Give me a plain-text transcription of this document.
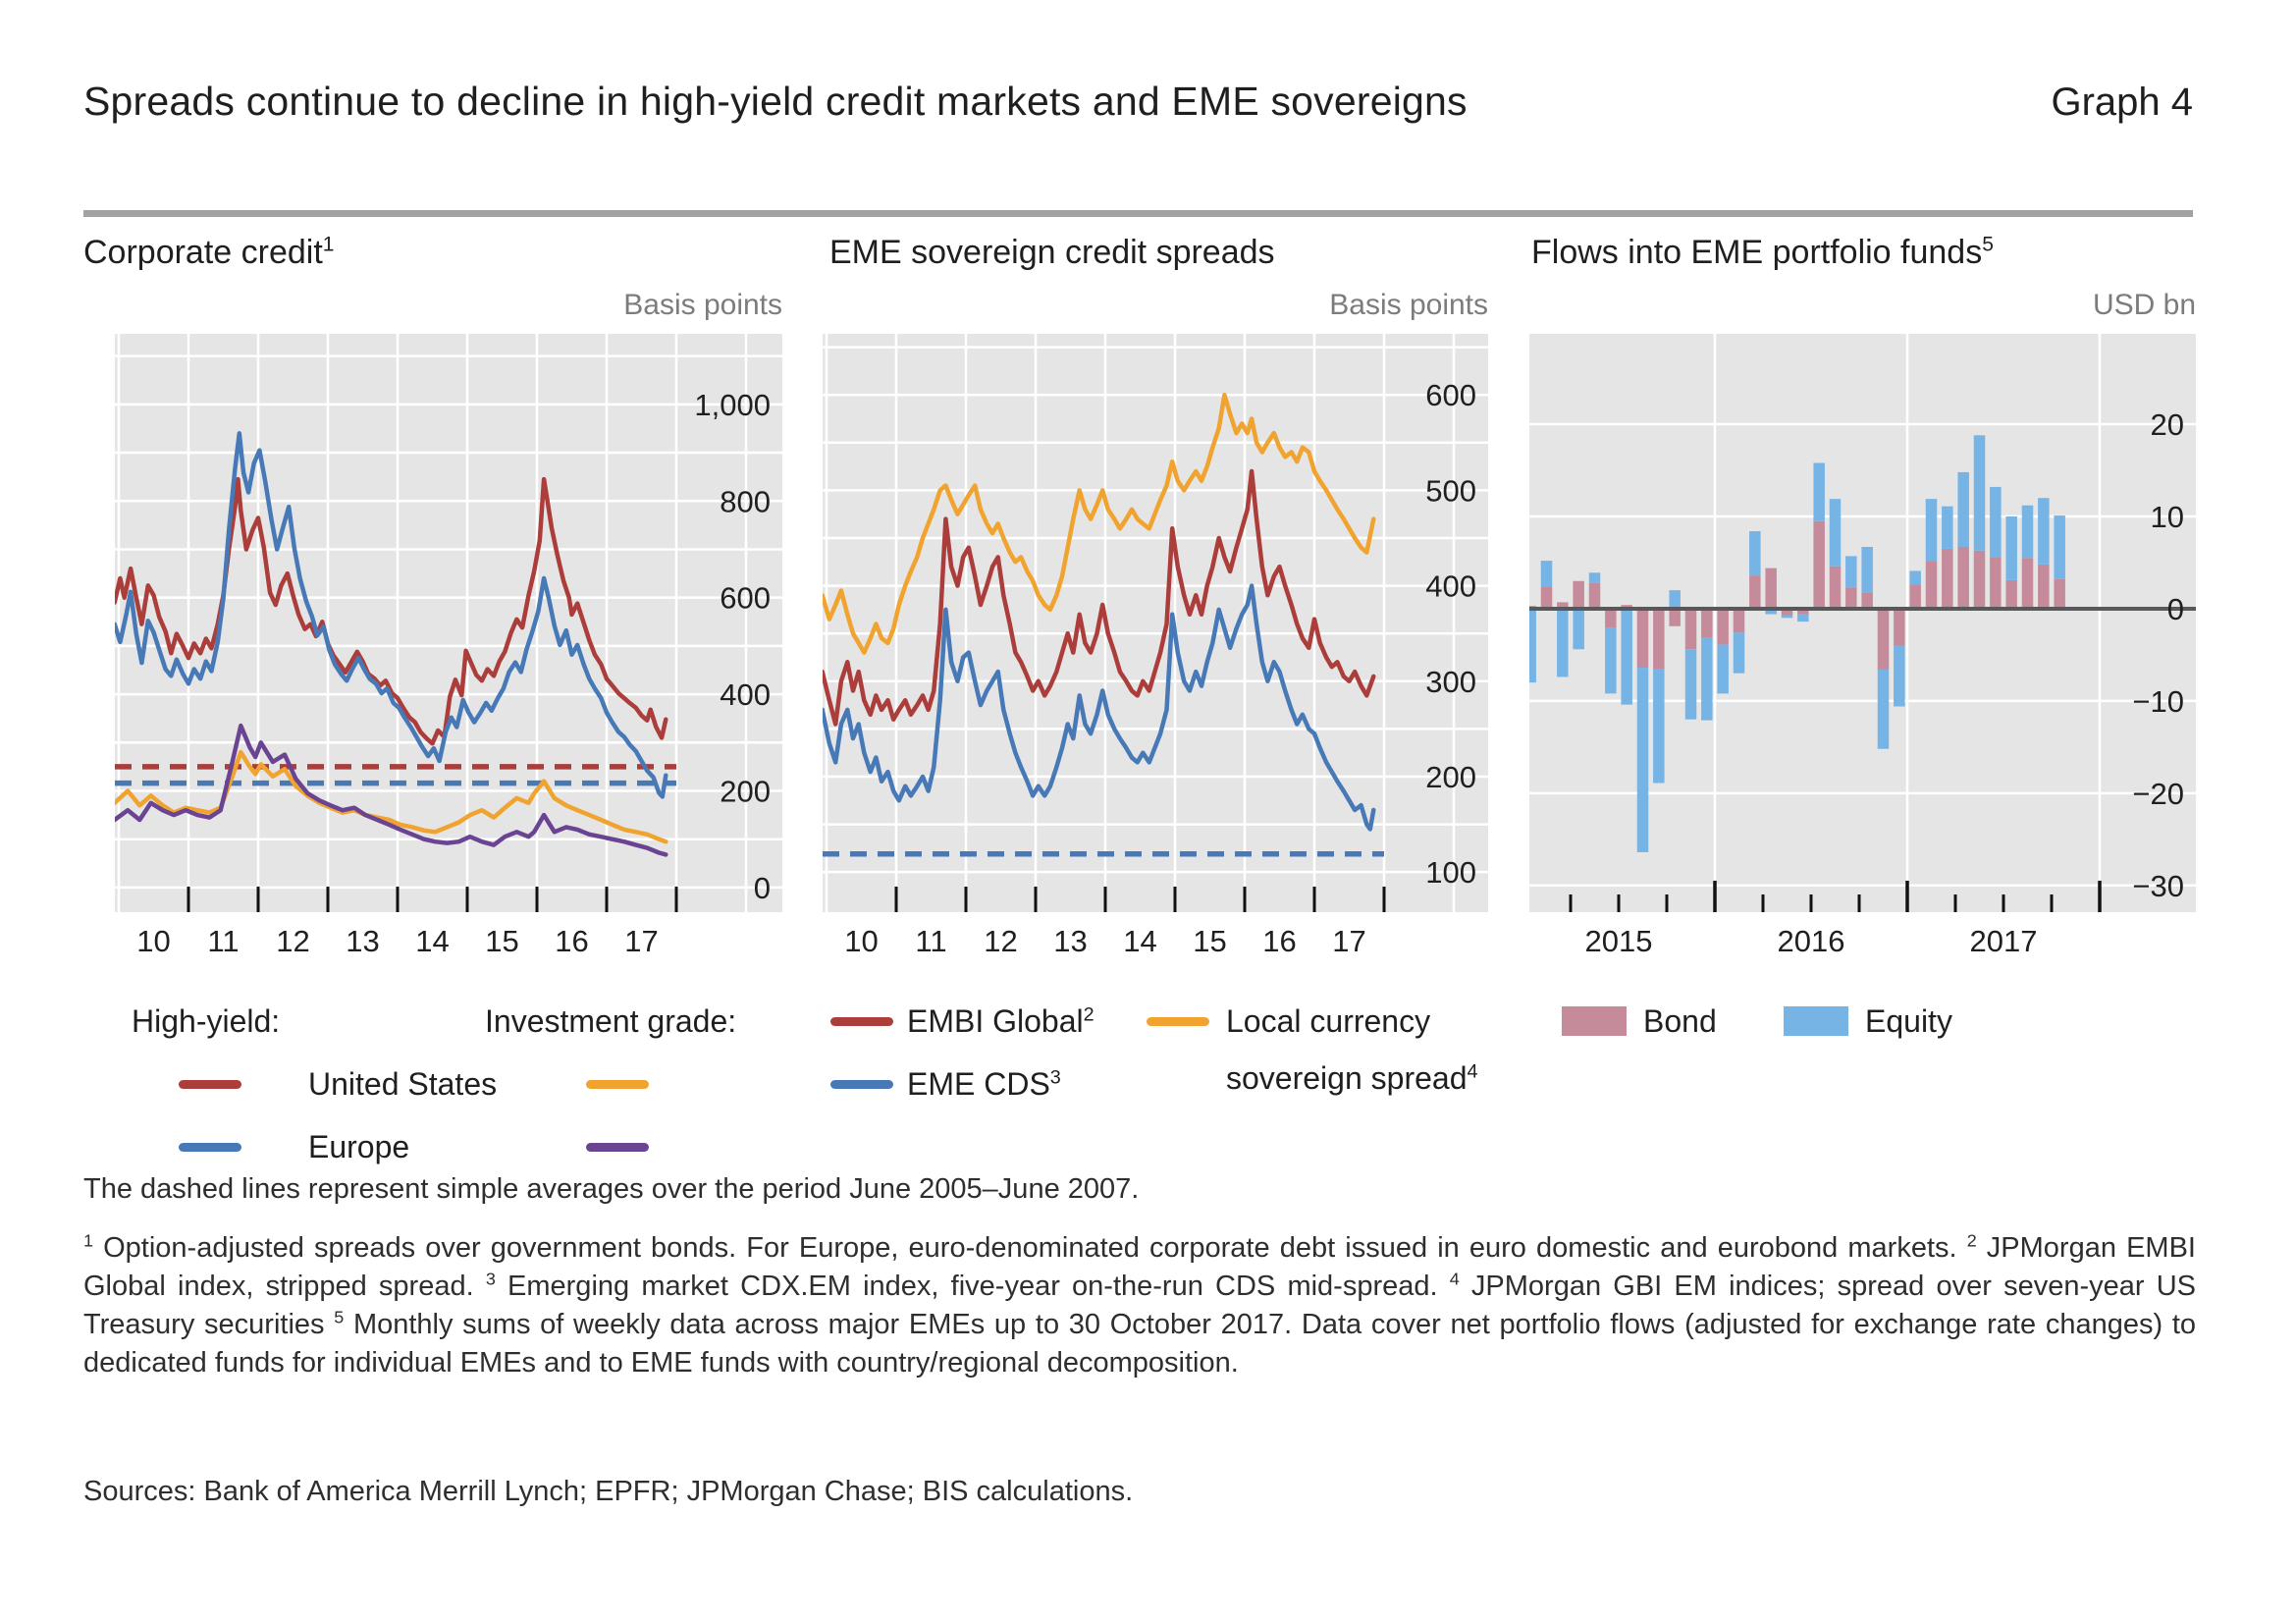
Spreads continue to decline in high-yield credit markets and EME sovereigns	Graph 4
Corporate credit$^1$	EME sovereign credit spreads	Flows into EME portfolio funds$^5$
Basis points	Basis points	USD bn
1,000
800
600
400
200
0
10 11 12 13 14 15 16 17
600
500
400
300
200
100
10 11 12 13 14 15 16 17
20
10
0
−10
−20
−30
2015	2016	2017
High-yield:	Investment grade:
United States
Europe
EMBI Global$^2$
EME CDS$^3$
Local currency
sovereign spread$^4$
Bond	Equity
The dashed lines represent simple averages over the period June 2005–June 2007.
$^1$ Option-adjusted spreads over government bonds. For Europe, euro-denominated corporate debt issued in euro domestic and eurobond markets. $^2$ JPMorgan EMBI Global index, stripped spread. $^3$ Emerging market CDX.EM index, five-year on-the-run CDS mid-spread. $^4$ JPMorgan GBI EM indices; spread over seven-year US Treasury securities $^5$ Monthly sums of weekly data across major EMEs up to 30 October 2017. Data cover net portfolio flows (adjusted for exchange rate changes) to dedicated funds for individual EMEs and to EME funds with country/regional decomposition.
Sources: Bank of America Merrill Lynch; EPFR; JPMorgan Chase; BIS calculations.
